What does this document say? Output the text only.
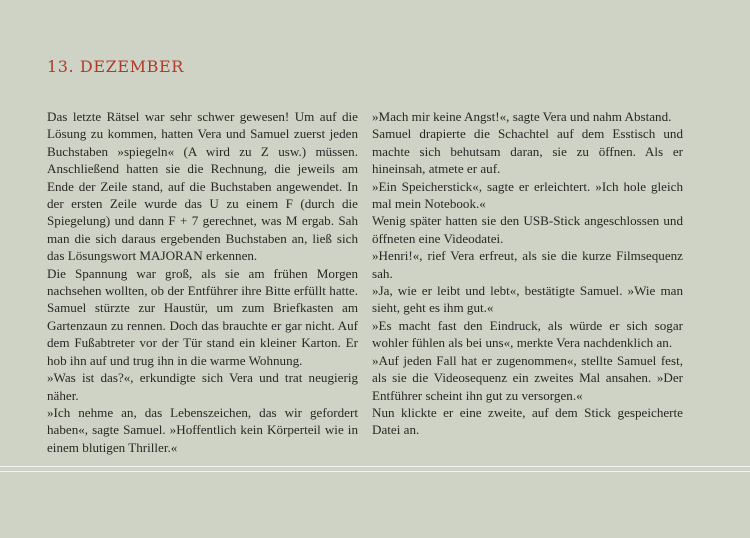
13. DEZEMBER

Das letzte Rätsel war sehr schwer gewesen! Um auf die Lösung zu kommen, hatten Vera und Samuel zuerst jeden Buchstaben »spiegeln« (A wird zu Z usw.) müssen. Anschließend hatten sie die Rechnung, die jeweils am Ende der Zeile stand, auf die Buchstaben angewendet. In der ersten Zeile wurde das U zu einem F (durch die Spiegelung) und dann F + 7 gerechnet, was M ergab. Sah man die sich daraus ergebenden Buchstaben an, ließ sich das Lösungswort MAJORAN erkennen.

Die Spannung war groß, als sie am frühen Morgen nachsehen wollten, ob der Entführer ihre Bitte erfüllt hatte. Samuel stürzte zur Haustür, um zum Briefkasten am Gartenzaun zu rennen. Doch das brauchte er gar nicht. Auf dem Fußabtreter vor der Tür stand ein kleiner Karton. Er hob ihn auf und trug ihn in die warme Wohnung.

»Was ist das?«, erkundigte sich Vera und trat neugierig näher.

»Ich nehme an, das Lebenszeichen, das wir gefordert haben«, sagte Samuel. »Hoffentlich kein Körperteil wie in einem blutigen Thriller.«

»Mach mir keine Angst!«, sagte Vera und nahm Abstand.

Samuel drapierte die Schachtel auf dem Esstisch und machte sich behutsam daran, sie zu öffnen. Als er hineinsah, atmete er auf.

»Ein Speicherstick«, sagte er erleichtert. »Ich hole gleich mal mein Notebook.«

Wenig später hatten sie den USB-Stick angeschlossen und öffneten eine Videodatei.

»Henri!«, rief Vera erfreut, als sie die kurze Filmsequenz sah.

»Ja, wie er leibt und lebt«, bestätigte Samuel. »Wie man sieht, geht es ihm gut.«

»Es macht fast den Eindruck, als würde er sich sogar wohler fühlen als bei uns«, merkte Vera nachdenklich an.

»Auf jeden Fall hat er zugenommen«, stellte Samuel fest, als sie die Videosequenz ein zweites Mal ansahen. »Der Entführer scheint ihn gut zu versorgen.«

Nun klickte er eine zweite, auf dem Stick gespeicherte Datei an.
